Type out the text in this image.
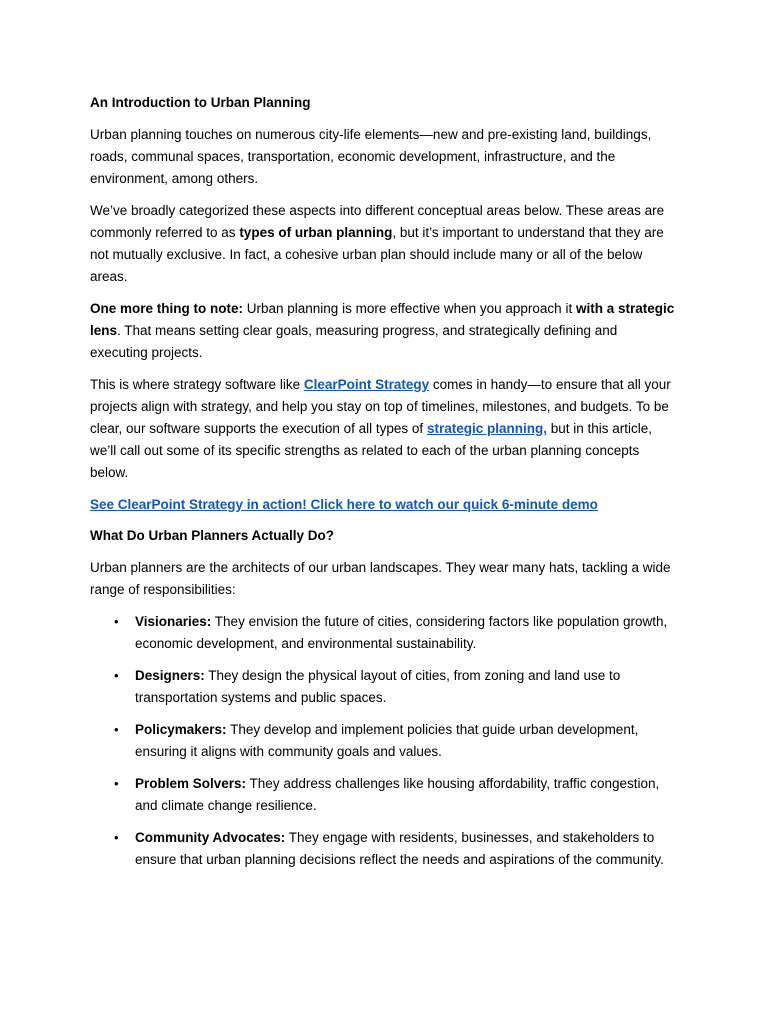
An Introduction to Urban Planning

Urban planning touches on numerous city-life elements—new and pre-existing land, buildings, roads, communal spaces, transportation, economic development, infrastructure, and the environment, among others.

We’ve broadly categorized these aspects into different conceptual areas below. These areas are commonly referred to as types of urban planning, but it’s important to understand that they are not mutually exclusive. In fact, a cohesive urban plan should include many or all of the below areas.

One more thing to note: Urban planning is more effective when you approach it with a strategic lens. That means setting clear goals, measuring progress, and strategically defining and executing projects.

This is where strategy software like ClearPoint Strategy comes in handy—to ensure that all your projects align with strategy, and help you stay on top of timelines, milestones, and budgets. To be clear, our software supports the execution of all types of strategic planning, but in this article, we’ll call out some of its specific strengths as related to each of the urban planning concepts below.

See ClearPoint Strategy in action! Click here to watch our quick 6-minute demo

What Do Urban Planners Actually Do?

Urban planners are the architects of our urban landscapes. They wear many hats, tackling a wide range of responsibilities:

• Visionaries: They envision the future of cities, considering factors like population growth, economic development, and environmental sustainability.
• Designers: They design the physical layout of cities, from zoning and land use to transportation systems and public spaces.
• Policymakers: They develop and implement policies that guide urban development, ensuring it aligns with community goals and values.
• Problem Solvers: They address challenges like housing affordability, traffic congestion, and climate change resilience.
• Community Advocates: They engage with residents, businesses, and stakeholders to ensure that urban planning decisions reflect the needs and aspirations of the community.
